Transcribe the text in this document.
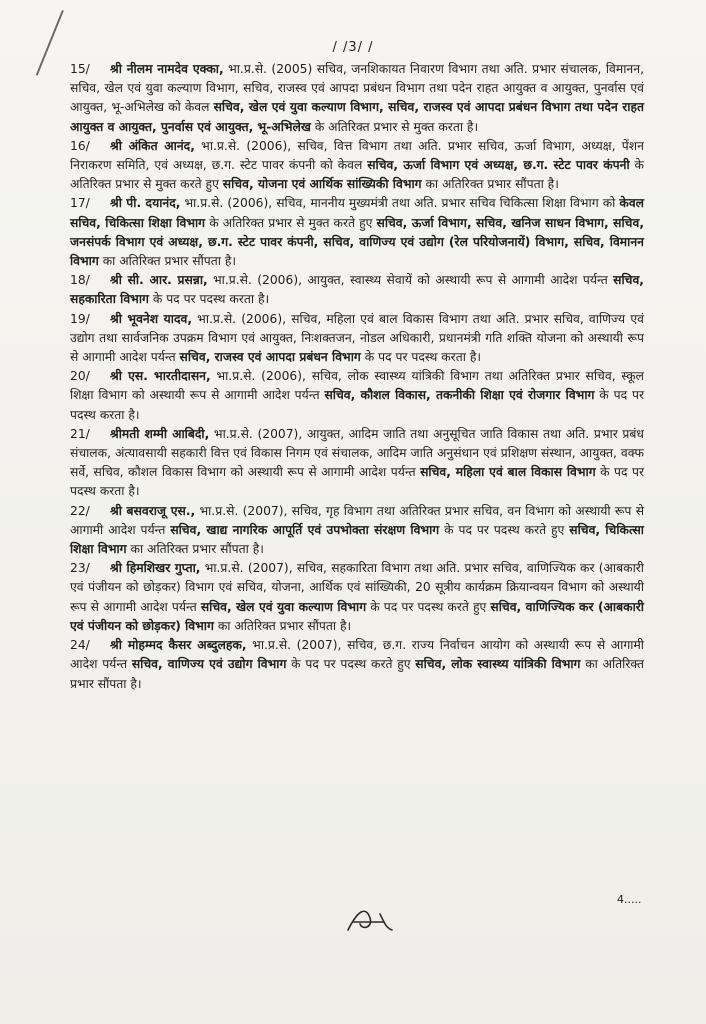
/ /3/ /

15/ श्री नीलम नामदेव एक्का, भा.प्र.से. (2005) सचिव, जनशिकायत निवारण विभाग तथा अति. प्रभार संचालक, विमानन, सचिव, खेल एवं युवा कल्याण विभाग, सचिव, राजस्व एवं आपदा प्रबंधन विभाग तथा पदेन राहत आयुक्त व आयुक्त, पुनर्वास एवं आयुक्त, भू-अभिलेख को केवल सचिव, खेल एवं युवा कल्याण विभाग, सचिव, राजस्व एवं आपदा प्रबंधन विभाग तथा पदेन राहत आयुक्त व आयुक्त, पुनर्वास एवं आयुक्त, भू-अभिलेख के अतिरिक्त प्रभार से मुक्त करता है।

16/ श्री अंकित आनंद, भा.प्र.से. (2006), सचिव, वित्त विभाग तथा अति. प्रभार सचिव, ऊर्जा विभाग, अध्यक्ष, पेंशन निराकरण समिति, एवं अध्यक्ष, छ.ग. स्टेट पावर कंपनी को केवल सचिव, ऊर्जा विभाग एवं अध्यक्ष, छ.ग. स्टेट पावर कंपनी के अतिरिक्त प्रभार से मुक्त करते हुए सचिव, योजना एवं आर्थिक सांख्यिकी विभाग का अतिरिक्त प्रभार सौंपता है।

17/ श्री पी. दयानंद, भा.प्र.से. (2006), सचिव, माननीय मुख्यमंत्री तथा अति. प्रभार सचिव चिकित्सा शिक्षा विभाग को केवल सचिव, चिकित्सा शिक्षा विभाग के अतिरिक्त प्रभार से मुक्त करते हुए सचिव, ऊर्जा विभाग, सचिव, खनिज साधन विभाग, सचिव, जनसंपर्क विभाग एवं अध्यक्ष, छ.ग. स्टेट पावर कंपनी, सचिव, वाणिज्य एवं उद्योग (रेल परियोजनायें) विभाग, सचिव, विमानन विभाग का अतिरिक्त प्रभार सौंपता है।

18/ श्री सी. आर. प्रसन्ना, भा.प्र.से. (2006), आयुक्त, स्वास्थ्य सेवायें को अस्थायी रूप से आगामी आदेश पर्यन्त सचिव, सहकारिता विभाग के पद पर पदस्थ करता है।

19/ श्री भूवनेश यादव, भा.प्र.से. (2006), सचिव, महिला एवं बाल विकास विभाग तथा अति. प्रभार सचिव, वाणिज्य एवं उद्योग तथा सार्वजनिक उपक्रम विभाग एवं आयुक्त, निःशक्तजन, नोडल अधिकारी, प्रधानमंत्री गति शक्ति योजना को अस्थायी रूप से आगामी आदेश पर्यन्त सचिव, राजस्व एवं आपदा प्रबंधन विभाग के पद पर पदस्थ करता है।

20/ श्री एस. भारतीदासन, भा.प्र.से. (2006), सचिव, लोक स्वास्थ्य यांत्रिकी विभाग तथा अतिरिक्त प्रभार सचिव, स्कूल शिक्षा विभाग को अस्थायी रूप से आगामी आदेश पर्यन्त सचिव, कौशल विकास, तकनीकी शिक्षा एवं रोजगार विभाग के पद पर पदस्थ करता है।

21/ श्रीमती शम्मी आबिदी, भा.प्र.से. (2007), आयुक्त, आदिम जाति तथा अनुसूचित जाति विकास तथा अति. प्रभार प्रबंध संचालक, अंत्यावसायी सहकारी वित्त एवं विकास निगम एवं संचालक, आदिम जाति अनुसंधान एवं प्रशिक्षण संस्थान, आयुक्त, वक्फ सर्वे, सचिव, कौशल विकास विभाग को अस्थायी रूप से आगामी आदेश पर्यन्त सचिव, महिला एवं बाल विकास विभाग के पद पर पदस्थ करता है।

22/ श्री बसवराजू एस., भा.प्र.से. (2007), सचिव, गृह विभाग तथा अतिरिक्त प्रभार सचिव, वन विभाग को अस्थायी रूप से आगामी आदेश पर्यन्त सचिव, खाद्य नागरिक आपूर्ति एवं उपभोक्ता संरक्षण विभाग के पद पर पदस्थ करते हुए सचिव, चिकित्सा शिक्षा विभाग का अतिरिक्त प्रभार सौंपता है।

23/ श्री हिमशिखर गुप्ता, भा.प्र.से. (2007), सचिव, सहकारिता विभाग तथा अति. प्रभार सचिव, वाणिज्यिक कर (आबकारी एवं पंजीयन को छोड़कर) विभाग एवं सचिव, योजना, आर्थिक एवं सांख्यिकी, 20 सूत्रीय कार्यक्रम क्रियान्वयन विभाग को अस्थायी रूप से आगामी आदेश पर्यन्त सचिव, खेल एवं युवा कल्याण विभाग के पद पर पदस्थ करते हुए सचिव, वाणिज्यिक कर (आबकारी एवं पंजीयन को छोड़कर) विभाग का अतिरिक्त प्रभार सौंपता है।

24/ श्री मोहम्मद कैसर अब्दुलहक, भा.प्र.से. (2007), सचिव, छ.ग. राज्य निर्वाचन आयोग को अस्थायी रूप से आगामी आदेश पर्यन्त सचिव, वाणिज्य एवं उद्योग विभाग के पद पर पदस्थ करते हुए सचिव, लोक स्वास्थ्य यांत्रिकी विभाग का अतिरिक्त प्रभार सौंपता है।

4.....
